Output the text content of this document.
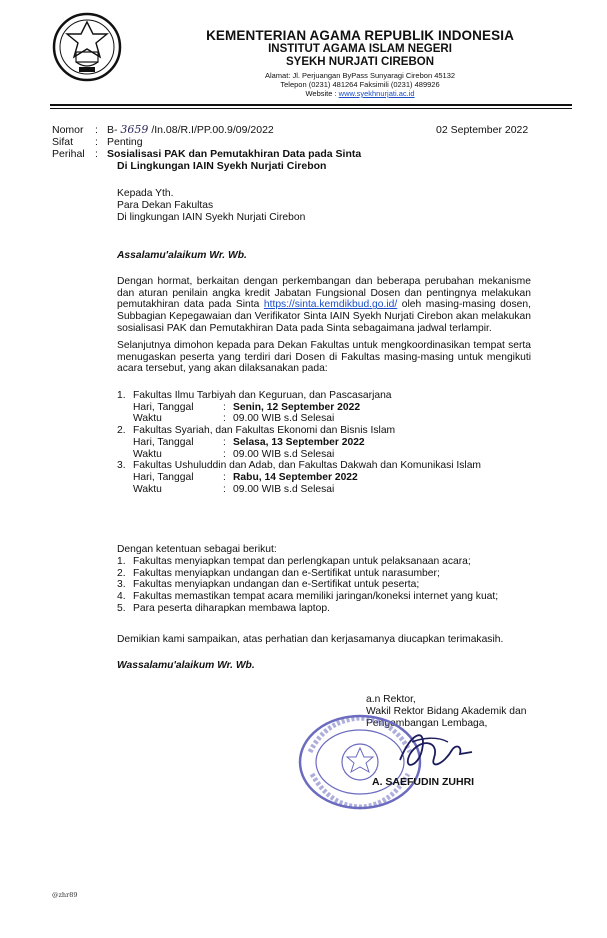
KEMENTERIAN AGAMA REPUBLIK INDONESIA
INSTITUT AGAMA ISLAM NEGERI
SYEKH NURJATI CIREBON
Alamat: Jl. Perjuangan ByPass Sunyaragi Cirebon 45132
Telepon (0231) 481264 Faksimili (0231) 489926
Website : www.syekhnurjati.ac.id
Nomor : B- 3659 /In.08/R.I/PP.00.9/09/2022	02 September 2022
Sifat : Penting
Perihal : Sosialisasi PAK dan Pemutakhiran Data pada Sinta
Di Lingkungan IAIN Syekh Nurjati Cirebon
Kepada Yth.
Para Dekan Fakultas
Di lingkungan IAIN Syekh Nurjati Cirebon
Assalamu'alaikum Wr. Wb.
Dengan hormat, berkaitan dengan perkembangan dan beberapa perubahan mekanisme dan aturan penilain angka kredit Jabatan Fungsional Dosen dan pentingnya melakukan pemutakhiran data pada Sinta https://sinta.kemdikbud.go.id/ oleh masing-masing dosen, Subbagian Kepegawaian dan Verifikator Sinta IAIN Syekh Nurjati Cirebon akan melakukan sosialisasi PAK dan Pemutakhiran Data pada Sinta sebagaimana jadwal terlampir.
Selanjutnya dimohon kepada para Dekan Fakultas untuk mengkoordinasikan tempat serta menugaskan peserta yang terdiri dari Dosen di Fakultas masing-masing untuk mengikuti acara tersebut, yang akan dilaksanakan pada:
1. Fakultas Ilmu Tarbiyah dan Keguruan, dan Pascasarjana
Hari, Tanggal	: Senin, 12 September 2022
Waktu	: 09.00 WIB s.d Selesai
2. Fakultas Syariah, dan Fakultas Ekonomi dan Bisnis Islam
Hari, Tanggal	: Selasa, 13 September 2022
Waktu	: 09.00 WIB s.d Selesai
3. Fakultas Ushuluddin dan Adab, dan Fakultas Dakwah dan Komunikasi Islam
Hari, Tanggal	: Rabu, 14 September 2022
Waktu	: 09.00 WIB s.d Selesai
Dengan ketentuan sebagai berikut:
1. Fakultas menyiapkan tempat dan perlengkapan untuk pelaksanaan acara;
2. Fakultas menyiapkan undangan dan e-Sertifikat untuk narasumber;
3. Fakultas menyiapkan undangan dan e-Sertifikat untuk peserta;
4. Fakultas memastikan tempat acara memiliki jaringan/koneksi internet yang kuat;
5. Para peserta diharapkan membawa laptop.
Demikian kami sampaikan, atas perhatian dan kerjasamanya diucapkan terimakasih.
Wassalamu'alaikum Wr. Wb.
a.n Rektor,
Wakil Rektor Bidang Akademik dan
Pengembangan Lembaga,
A. SAEFUDIN ZUHRI
@zhr89
